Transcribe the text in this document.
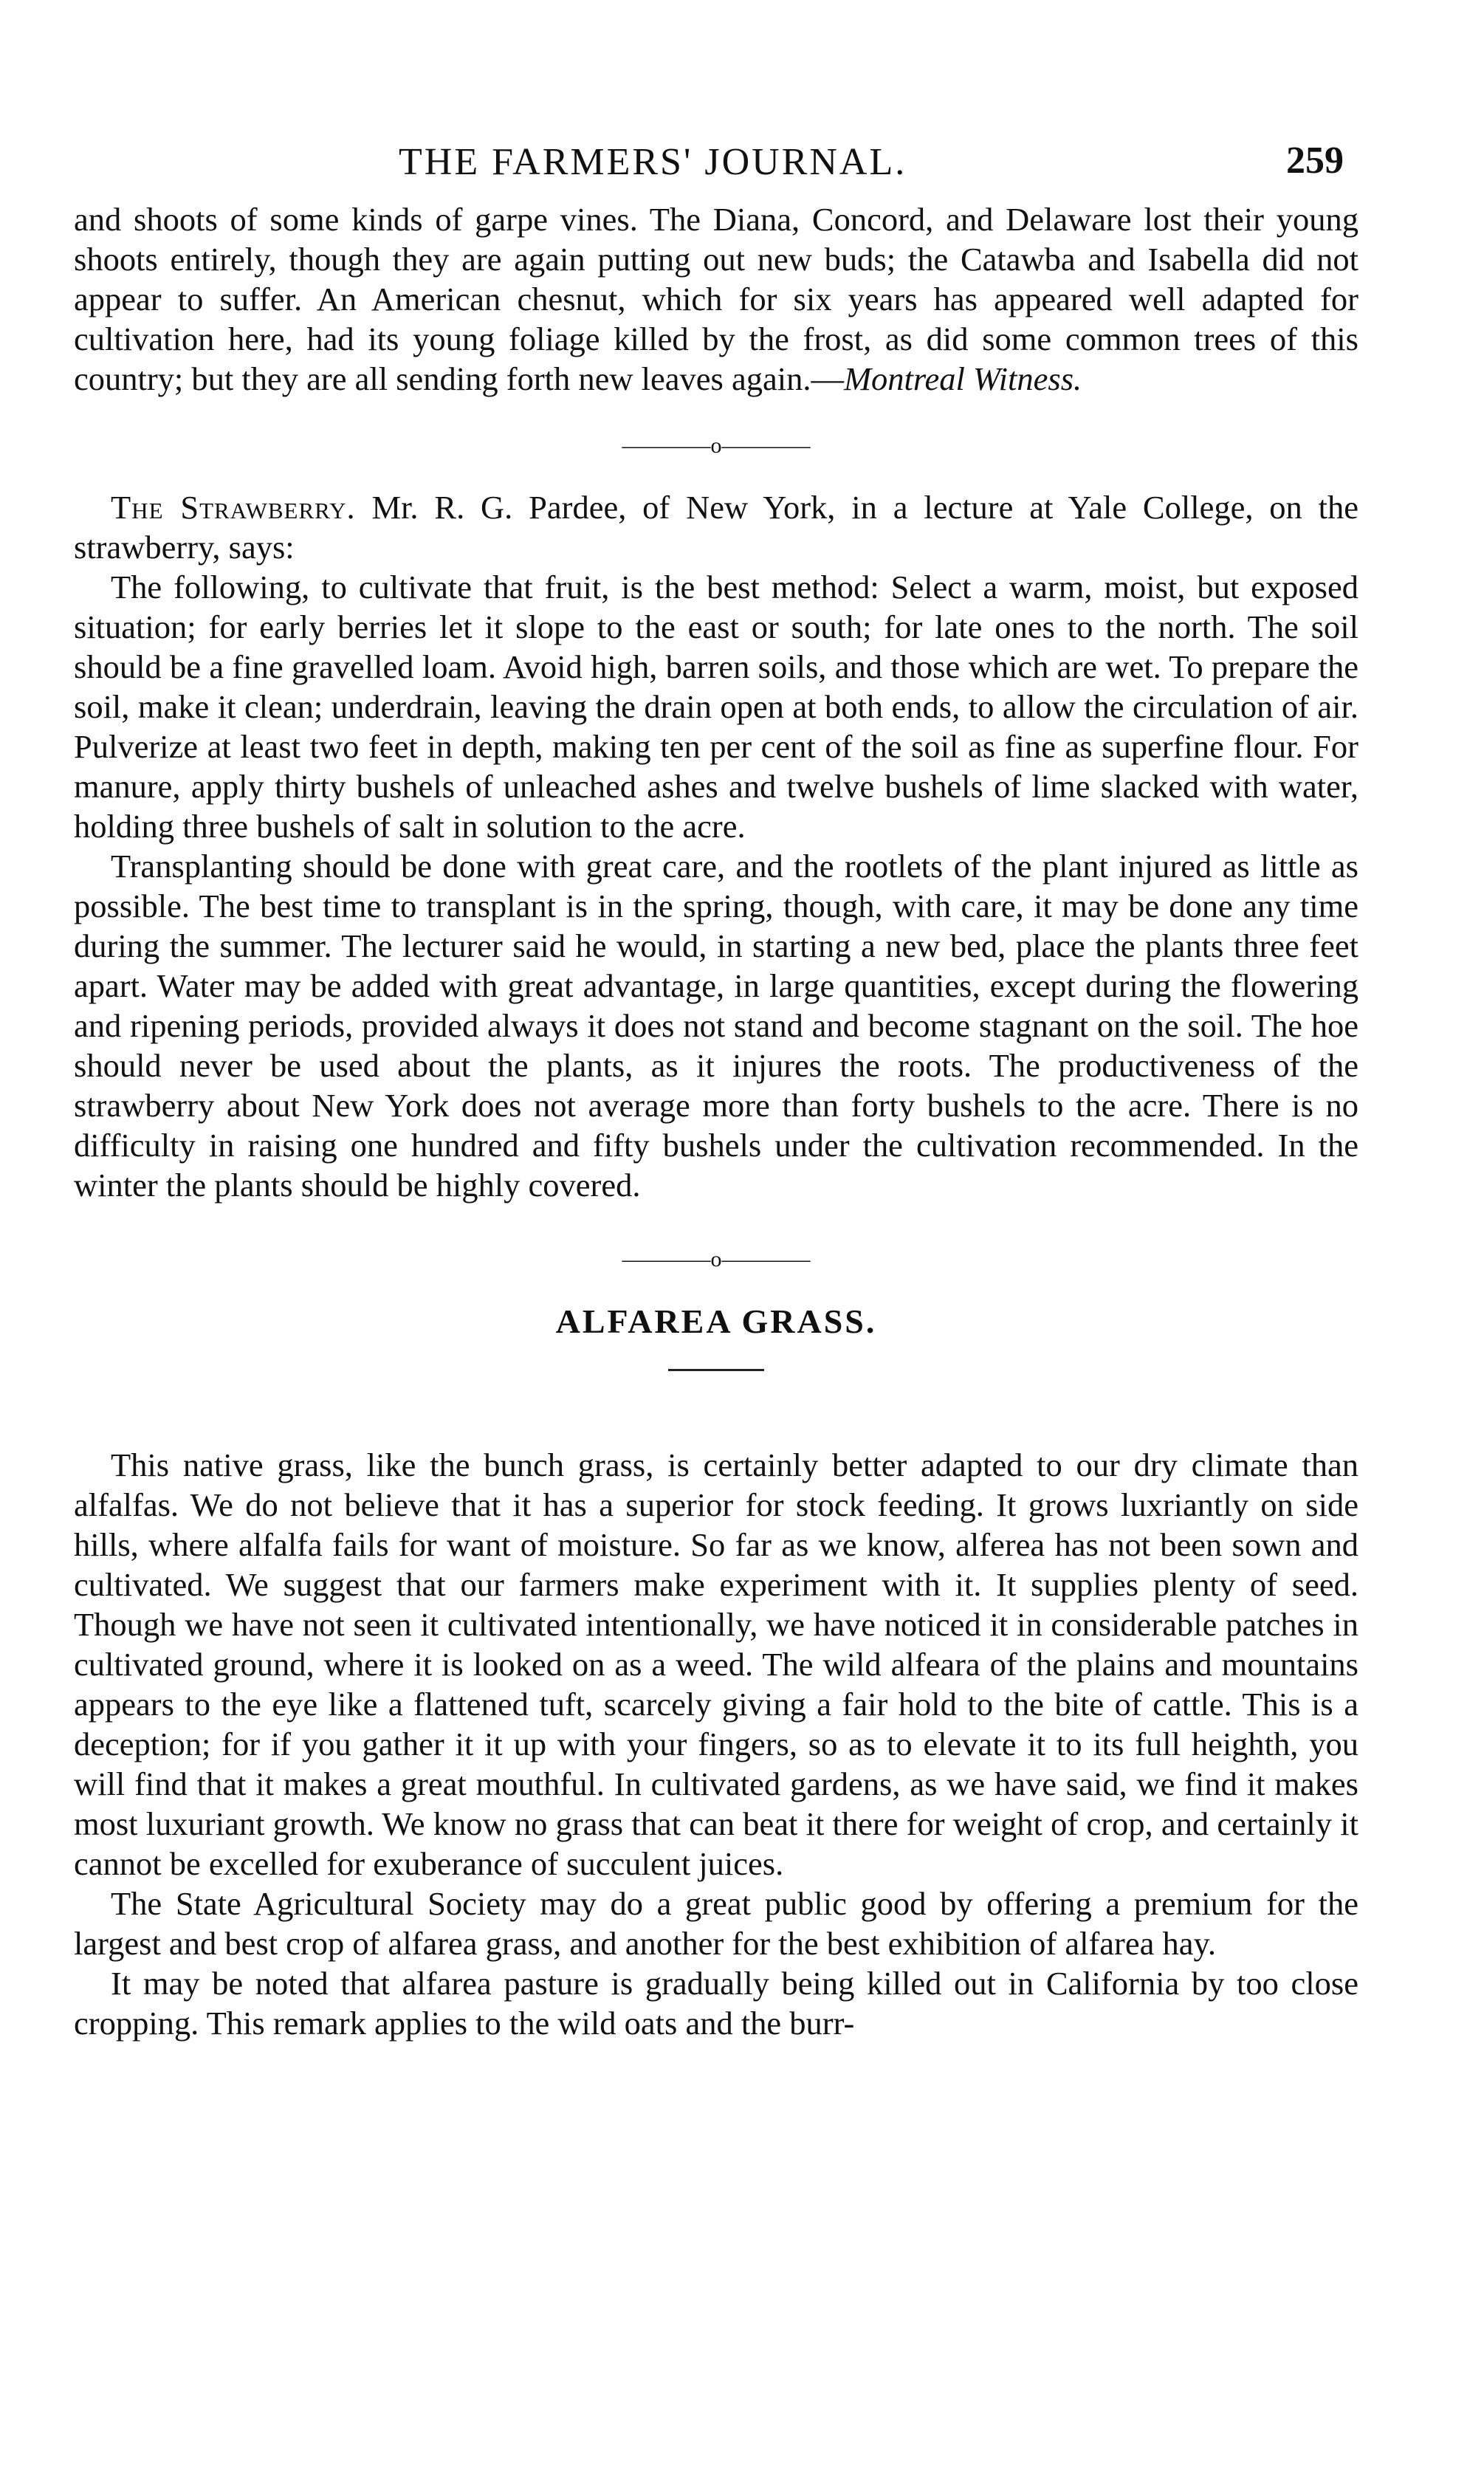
THE FARMERS' JOURNAL.	259

and shoots of some kinds of garpe vines. The Diana, Concord, and Delaware lost their young shoots entirely, though they are again putting out new buds; the Catawba and Isabella did not appear to suffer. An American chesnut, which for six years has appeared well adapted for cultivation here, had its young foliage killed by the frost, as did some common trees of this country; but they are all sending forth new leaves again.—Montreal Witness.

————o————

The Strawberry. Mr. R. G. Pardee, of New York, in a lecture at Yale College, on the strawberry, says:

The following, to cultivate that fruit, is the best method: Select a warm, moist, but exposed situation; for early berries let it slope to the east or south; for late ones to the north. The soil should be a fine gravelled loam. Avoid high, barren soils, and those which are wet. To prepare the soil, make it clean; underdrain, leaving the drain open at both ends, to allow the circulation of air. Pulverize at least two feet in depth, making ten per cent of the soil as fine as superfine flour. For manure, apply thirty bushels of unleached ashes and twelve bushels of lime slacked with water, holding three bushels of salt in solution to the acre.

Transplanting should be done with great care, and the rootlets of the plant injured as little as possible. The best time to transplant is in the spring, though, with care, it may be done any time during the summer. The lecturer said he would, in starting a new bed, place the plants three feet apart. Water may be added with great advantage, in large quantities, except during the flowering and ripening periods, provided always it does not stand and become stagnant on the soil. The hoe should never be used about the plants, as it injures the roots. The productiveness of the strawberry about New York does not average more than forty bushels to the acre. There is no difficulty in raising one hundred and fifty bushels under the cultivation recommended. In the winter the plants should be highly covered.

————o————
ALFAREA GRASS.

This native grass, like the bunch grass, is certainly better adapted to our dry climate than alfalfas. We do not believe that it has a superior for stock feeding. It grows luxriantly on side hills, where alfalfa fails for want of moisture. So far as we know, alferea has not been sown and cultivated. We suggest that our farmers make experiment with it. It supplies plenty of seed. Though we have not seen it cultivated intentionally, we have noticed it in considerable patches in cultivated ground, where it is looked on as a weed. The wild alfeara of the plains and mountains appears to the eye like a flattened tuft, scarcely giving a fair hold to the bite of cattle. This is a deception; for if you gather it it up with your fingers, so as to elevate it to its full heighth, you will find that it makes a great mouthful. In cultivated gardens, as we have said, we find it makes most luxuriant growth. We know no grass that can beat it there for weight of crop, and certainly it cannot be excelled for exuberance of succulent juices.

The State Agricultural Society may do a great public good by offering a premium for the largest and best crop of alfarea grass, and another for the best exhibition of alfarea hay.

It may be noted that alfarea pasture is gradually being killed out in California by too close cropping. This remark applies to the wild oats and the burr-
